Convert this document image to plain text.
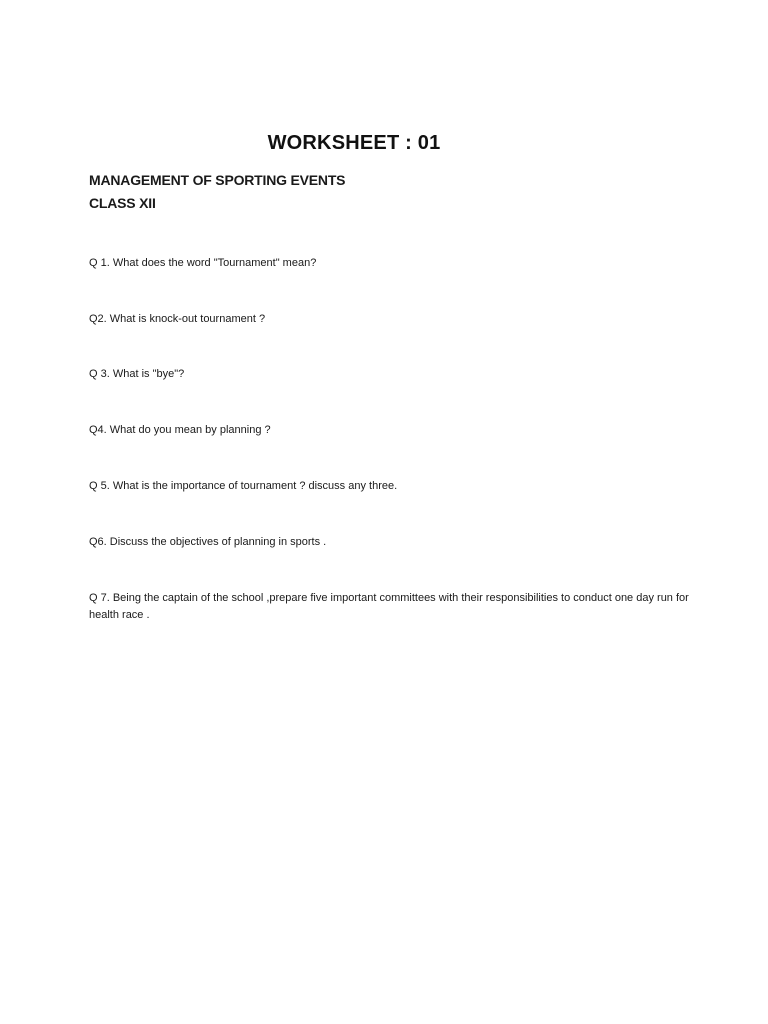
WORKSHEET : 01
MANAGEMENT OF SPORTING EVENTS
CLASS XII
Q 1. What does the word "Tournament" mean?
Q2. What is knock-out tournament ?
Q 3. What is "bye"?
Q4. What do you mean by planning ?
Q 5. What is the importance of tournament ? discuss any three.
Q6. Discuss the objectives of planning in sports .
Q 7. Being the captain of the school ,prepare five important committees with their responsibilities to conduct one day run for health race .
